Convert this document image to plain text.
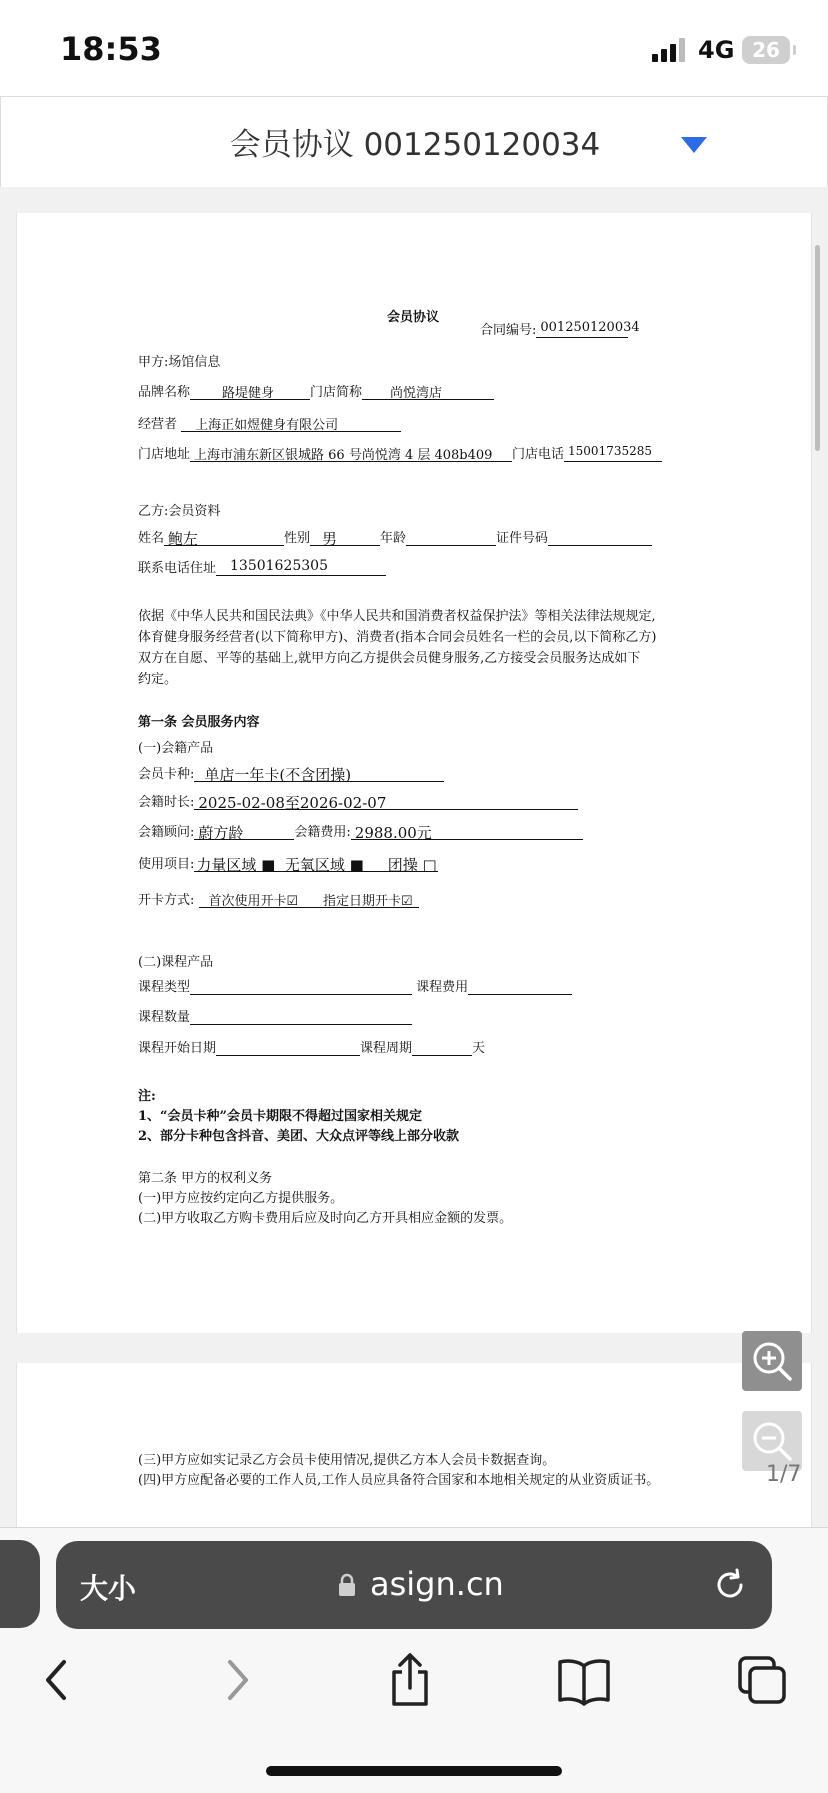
18:53	4G 26
会员协议 001250120034
会员协议
合同编号: 001250120034
甲方:场馆信息
品牌名称 路堤健身	门店简称 尚悦湾店
经营者 上海正如煜健身有限公司
门店地址 上海市浦东新区银城路 66 号尚悦湾 4 层 408b409 门店电话 15001735285
乙方:会员资料
姓名 鲍左	性别 男	年龄	证件号码
联系电话住址 13501625305
依据《中华人民共和国民法典》《中华人民共和国消费者权益保护法》等相关法律法规规定,
体育健身服务经营者(以下简称甲方)、消费者(指本合同会员姓名一栏的会员,以下简称乙方)
双方在自愿、平等的基础上,就甲方向乙方提供会员健身服务,乙方接受会员服务达成如下
约定。
第一条 会员服务内容
(一)会籍产品
会员卡种: 单店一年卡(不含团操)
会籍时长: 2025-02-08至2026-02-07
会籍顾问: 蔚方龄	会籍费用: 2988.00元
使用项目: 力量区域 ■ 无氧区域 ■ 团操 □
开卡方式: 首次使用开卡☑ 指定日期开卡☑
(二)课程产品
课程类型	课程费用
课程数量
课程开始日期	课程周期	天
注:
1、“会员卡种”会员卡期限不得超过国家相关规定
2、部分卡种包含抖音、美团、大众点评等线上部分收款
第二条 甲方的权利义务
(一)甲方应按约定向乙方提供服务。
(二)甲方收取乙方购卡费用后应及时向乙方开具相应金额的发票。
(三)甲方应如实记录乙方会员卡使用情况,提供乙方本人会员卡数据查询。
(四)甲方应配备必要的工作人员,工作人员应具备符合国家和本地相关规定的从业资质证书。	1/7
大小	asign.cn
